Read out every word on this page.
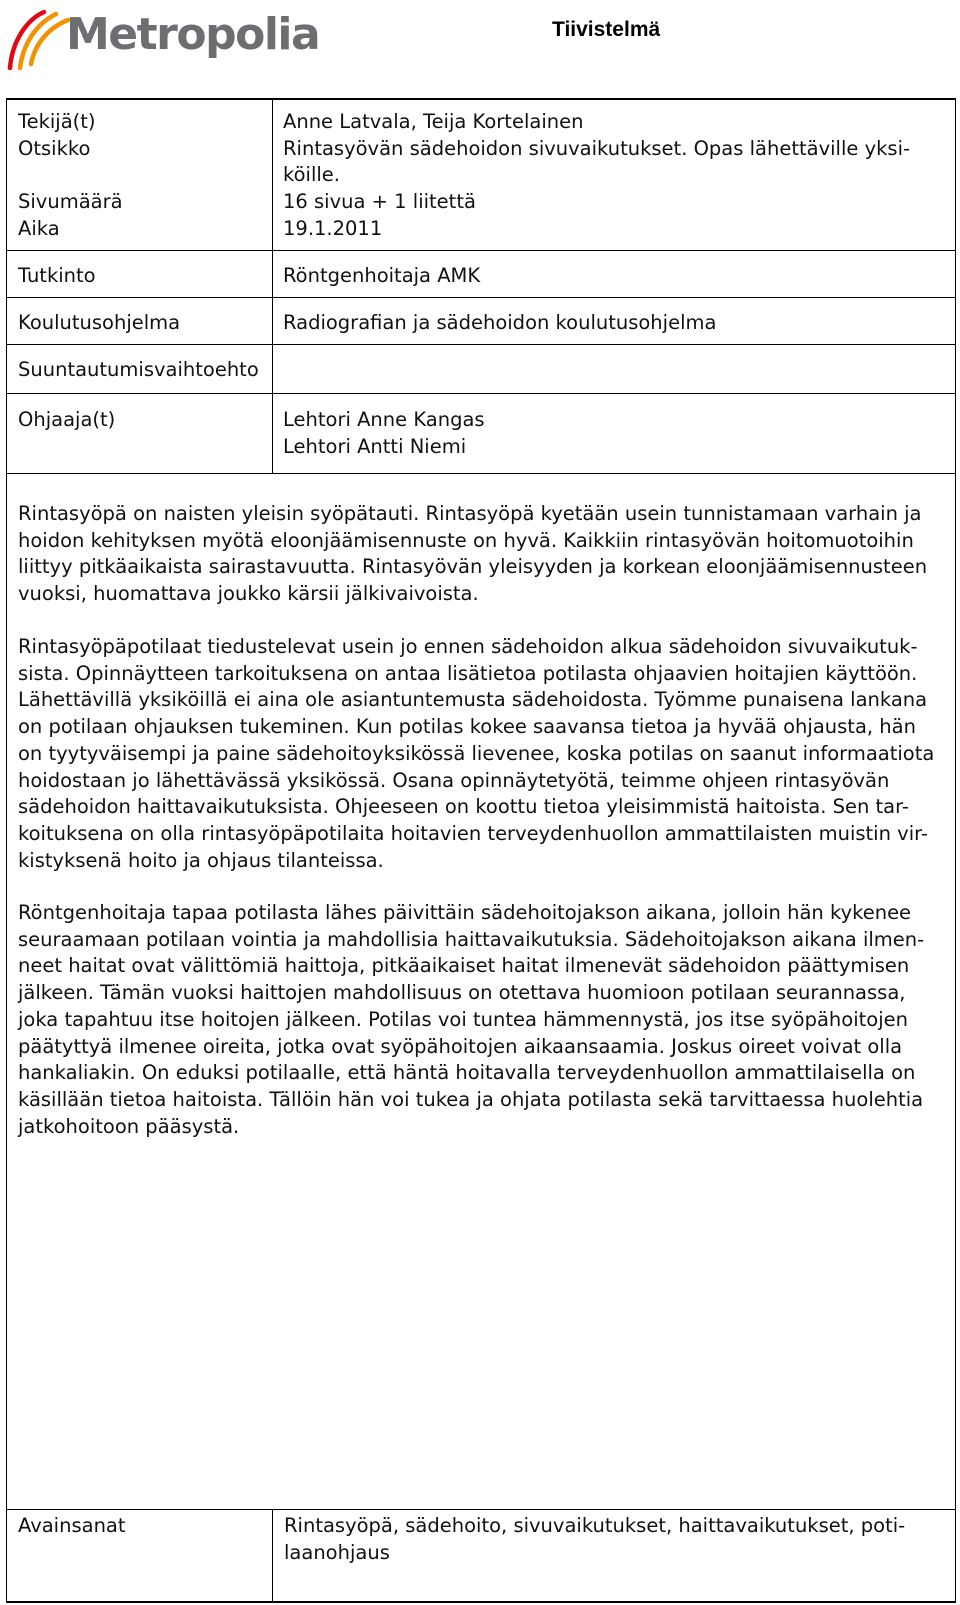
Metropolia	Tiivistelmä
Tekijä(t)
Otsikko
Sivumäärä
Aika
Tutkinto
Koulutusohjelma
Suuntautumisvaihtoehto
Ohjaaja(t)
Anne Latvala, Teija Kortelainen
Rintasyövän sädehoidon sivuvaikutukset. Opas lähettäville yksi-
köille.
16 sivua + 1 liitettä
19.1.2011
Röntgenhoitaja AMK
Radiografian ja sädehoidon koulutusohjelma
Lehtori Anne Kangas
Lehtori Antti Niemi
Rintasyöpä on naisten yleisin syöpätauti. Rintasyöpä kyetään usein tunnistamaan varhain ja
hoidon kehityksen myötä eloonjäämisennuste on hyvä. Kaikkiin rintasyövän hoitomuotoihin
liittyy pitkäaikaista sairastavuutta. Rintasyövän yleisyyden ja korkean eloonjäämisennusteen
vuoksi, huomattava joukko kärsii jälkivaivoista.
Rintasyöpäpotilaat tiedustelevat usein jo ennen sädehoidon alkua sädehoidon sivuvaikutuk-
sista. Opinnäytteen tarkoituksena on antaa lisätietoa potilasta ohjaavien hoitajien käyttöön.
Lähettävillä yksiköillä ei aina ole asiantuntemusta sädehoidosta. Työmme punaisena lankana
on potilaan ohjauksen tukeminen. Kun potilas kokee saavansa tietoa ja hyvää ohjausta, hän
on tyytyväisempi ja paine sädehoitoyksikössä lievenee, koska potilas on saanut informaatiota
hoidostaan jo lähettävässä yksikössä. Osana opinnäytetyötä, teimme ohjeen rintasyövän
sädehoidon haittavaikutuksista. Ohjeeseen on koottu tietoa yleisimmistä haitoista. Sen tar-
koituksena on olla rintasyöpäpotilaita hoitavien terveydenhuollon ammattilaisten muistin vir-
kistyksenä hoito ja ohjaus tilanteissa.
Röntgenhoitaja tapaa potilasta lähes päivittäin sädehoitojakson aikana, jolloin hän kykenee
seuraamaan potilaan vointia ja mahdollisia haittavaikutuksia. Sädehoitojakson aikana ilmen-
neet haitat ovat välittömiä haittoja, pitkäaikaiset haitat ilmenevät sädehoidon päättymisen
jälkeen. Tämän vuoksi haittojen mahdollisuus on otettava huomioon potilaan seurannassa,
joka tapahtuu itse hoitojen jälkeen. Potilas voi tuntea hämmennystä, jos itse syöpähoitojen
päätyttyä ilmenee oireita, jotka ovat syöpähoitojen aikaansaamia. Joskus oireet voivat olla
hankaliakin. On eduksi potilaalle, että häntä hoitavalla terveydenhuollon ammattilaisella on
käsillään tietoa haitoista. Tällöin hän voi tukea ja ohjata potilasta sekä tarvittaessa huolehtia
jatkohoitoon pääsystä.
Avainsanat	Rintasyöpä, sädehoito, sivuvaikutukset, haittavaikutukset, poti-
laanohjaus
